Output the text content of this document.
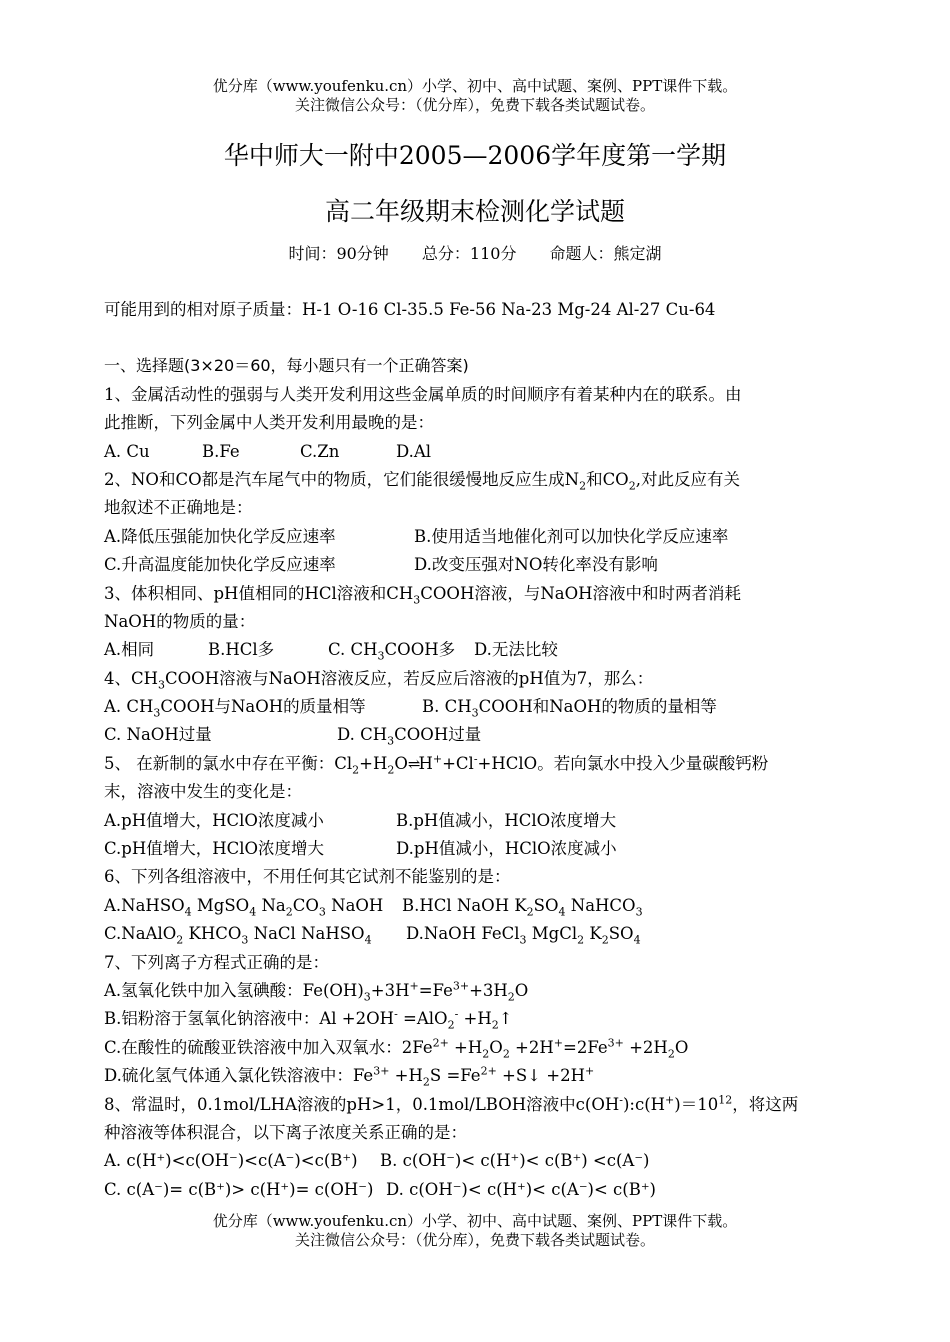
优分库（www.youfenku.cn）小学、初中、高中试题、案例、PPT课件下载。
关注微信公众号：（优分库），免费下载各类试题试卷。
华中师大一附中2005—2006学年度第一学期
高二年级期末检测化学试题
时间：90分钟 总分：110分 命题人：熊定湖
可能用到的相对原子质量：H-1 O-16 Cl-35.5 Fe-56 Na-23 Mg-24 Al-27 Cu-64
一、选择题(3×20＝60，每小题只有一个正确答案)
1、金属活动性的强弱与人类开发利用这些金属单质的时间顺序有着某种内在的联系。由
此推断，下列金属中人类开发利用最晚的是：
A. Cu	B.Fe	C.Zn	D.Al
2、NO和CO都是汽车尾气中的物质，它们能很缓慢地反应生成$N_2$和$CO_2$,对此反应有关
地叙述不正确地是：
A.降低压强能加快化学反应速率	B.使用适当地催化剂可以加快化学反应速率
C.升高温度能加快化学反应速率	D.改变压强对NO转化率没有影响
3、体积相同、pH值相同的HCl溶液和$CH_3COOH$溶液，与NaOH溶液中和时两者消耗
NaOH的物质的量：
A.相同	B.HCl多	C. $CH_3COOH$多 D.无法比较
4、$CH_3COOH$溶液与NaOH溶液反应，若反应后溶液的pH值为7，那么：
A. $CH_3COOH$与NaOH的质量相等	B. $CH_3COOH$和NaOH的物质的量相等
C. NaOH过量	D. $CH_3COOH$过量
5、 在新制的氯水中存在平衡：$Cl_2+H_2O\rightleftharpoons H^++Cl^-+HClO$。若向氯水中投入少量碳酸钙粉
末，溶液中发生的变化是：
A.pH值增大，HClO浓度减小	B.pH值减小，HClO浓度增大
C.pH值增大，HClO浓度增大	D.pH值减小，HClO浓度减小
6、下列各组溶液中，不用任何其它试剂不能鉴别的是：
A.NaHSO$_4$ MgSO$_4$ $Na_2CO_3$ NaOH B.HCl NaOH $K_2SO_4$ NaHCO$_3$
C.NaAlO$_2$ $KHCO_3$ NaCl NaHSO$_4$ D.NaOH FeCl$_3$ MgCl$_2$ $K_2SO_4$
7、下列离子方程式正确的是：
A.氢氧化铁中加入氢碘酸：$Fe(OH)_3+3H^+=Fe^{3+}+3H_2O$
B.铝粉溶于氢氧化钠溶液中：$Al +2OH^- =AlO_2^- +H_2↑$
C.在酸性的硫酸亚铁溶液中加入双氧水：$2Fe^{2+} +H_2O_2 +2H^+=2Fe^{3+} +2H_2O$
D.硫化氢气体通入氯化铁溶液中：$Fe^{3+} +H_2S =Fe^{2+}$ +S↓ +2H+
8、常温时，0.1mol/LHA溶液的pH>1，0.1mol/LBOH溶液中$c(OH^-):c(H^+)=10^{12}$，将这两
种溶液等体积混合，以下离子浓度关系正确的是：
A. c(H⁺)<c(OH⁻)<c(A⁻)<c(B⁺) B. c(OH⁻)< c(H⁺)< c(B⁺) <c(A⁻)
C. c(A⁻)= c(B⁺)> c(H⁺)= c(OH⁻) D. c(OH⁻)< c(H⁺)< c(A⁻)< c(B⁺)
优分库（www.youfenku.cn）小学、初中、高中试题、案例、PPT课件下载。
关注微信公众号：（优分库），免费下载各类试题试卷。
